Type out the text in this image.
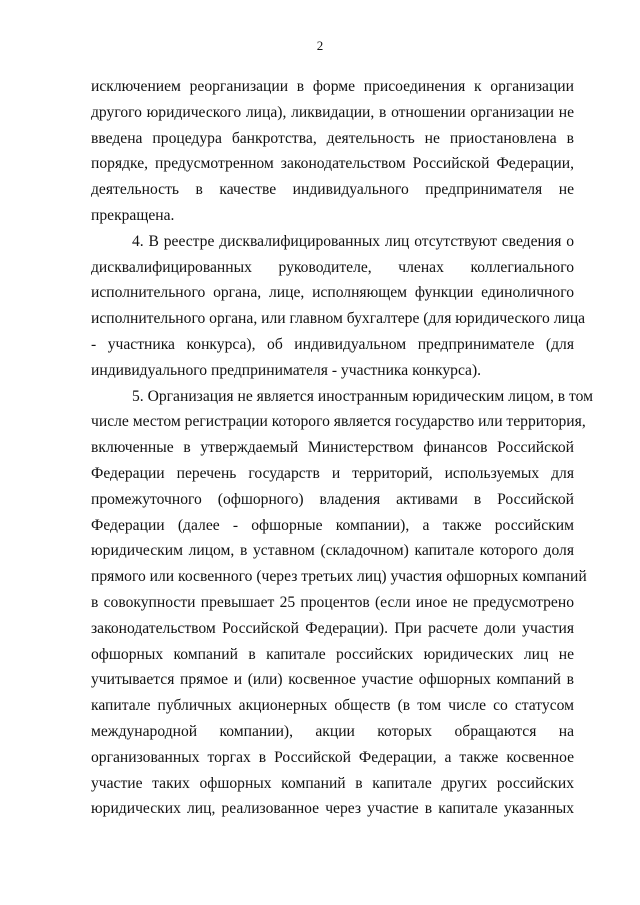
2
исключением реорганизации в форме присоединения к организации
другого юридического лица), ликвидации, в отношении организации не
введена процедура банкротства, деятельность не приостановлена в
порядке, предусмотренном законодательством Российской Федерации,
деятельность в качестве индивидуального предпринимателя не
прекращена.
4. В реестре дисквалифицированных лиц отсутствуют сведения о
дисквалифицированных руководителе, членах коллегиального
исполнительного органа, лице, исполняющем функции единоличного
исполнительного органа, или главном бухгалтере (для юридического лица
- участника конкурса), об индивидуальном предпринимателе (для
индивидуального предпринимателя - участника конкурса).
5. Организация не является иностранным юридическим лицом, в том
числе местом регистрации которого является государство или территория,
включенные в утверждаемый Министерством финансов Российской
Федерации перечень государств и территорий, используемых для
промежуточного (офшорного) владения активами в Российской
Федерации (далее - офшорные компании), а также российским
юридическим лицом, в уставном (складочном) капитале которого доля
прямого или косвенного (через третьих лиц) участия офшорных компаний
в совокупности превышает 25 процентов (если иное не предусмотрено
законодательством Российской Федерации). При расчете доли участия
офшорных компаний в капитале российских юридических лиц не
учитывается прямое и (или) косвенное участие офшорных компаний в
капитале публичных акционерных обществ (в том числе со статусом
международной компании), акции которых обращаются на
организованных торгах в Российской Федерации, а также косвенное
участие таких офшорных компаний в капитале других российских
юридических лиц, реализованное через участие в капитале указанных
